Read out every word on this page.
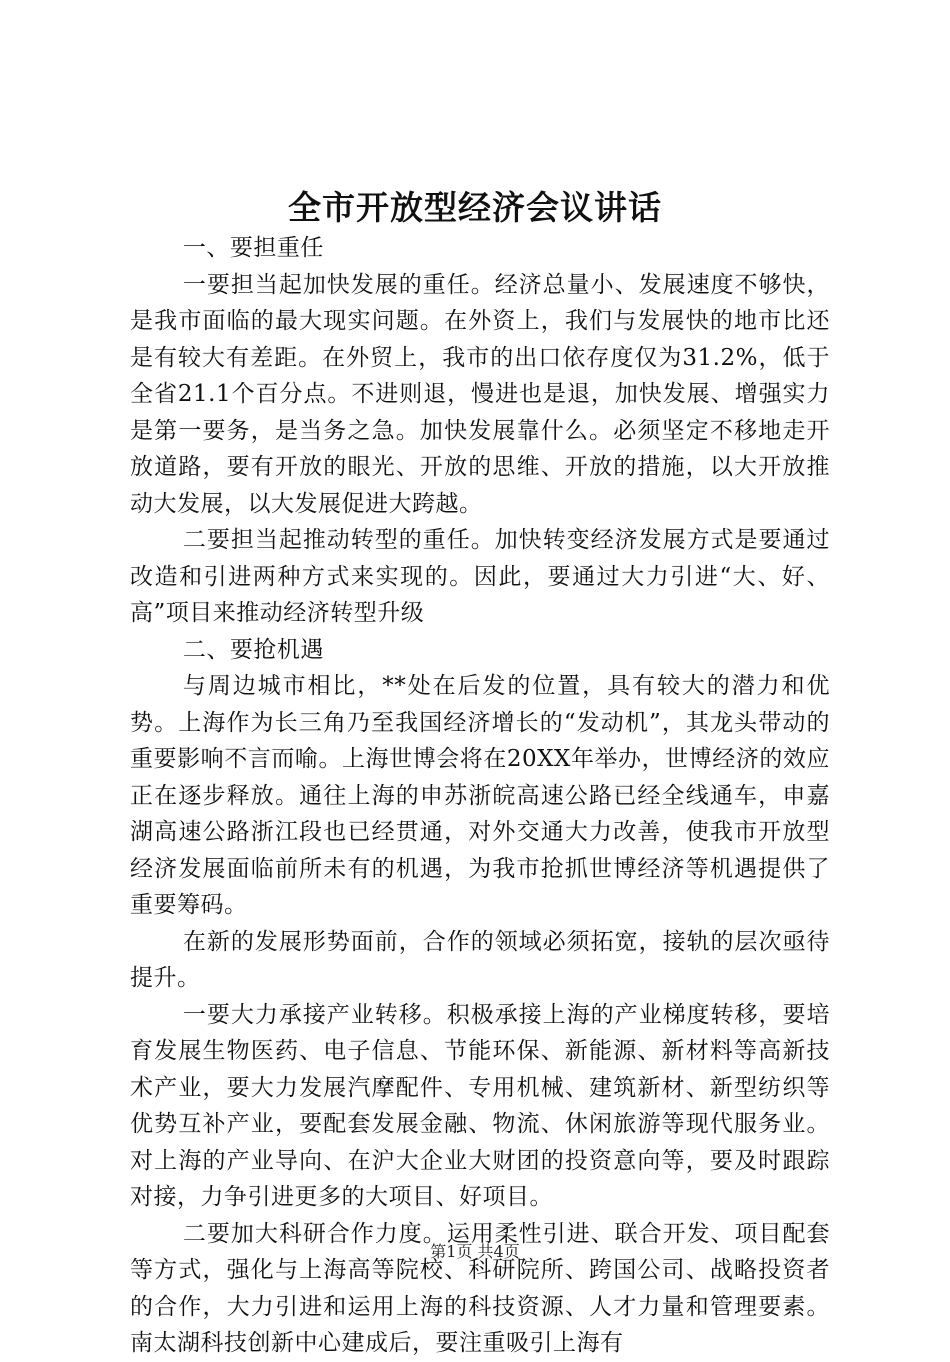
全市开放型经济会议讲话

一、要担重任

一要担当起加快发展的重任。经济总量小、发展速度不够快，是我市面临的最大现实问题。在外资上，我们与发展快的地市比还是有较大有差距。在外贸上，我市的出口依存度仅为31.2%，低于全省21.1个百分点。不进则退，慢进也是退，加快发展、增强实力是第一要务，是当务之急。加快发展靠什么。必须坚定不移地走开放道路，要有开放的眼光、开放的思维、开放的措施，以大开放推动大发展，以大发展促进大跨越。

二要担当起推动转型的重任。加快转变经济发展方式是要通过改造和引进两种方式来实现的。因此，要通过大力引进“大、好、高”项目来推动经济转型升级

二、要抢机遇

与周边城市相比，**处在后发的位置，具有较大的潜力和优势。上海作为长三角乃至我国经济增长的“发动机”，其龙头带动的重要影响不言而喻。上海世博会将在20XX年举办，世博经济的效应正在逐步释放。通往上海的申苏浙皖高速公路已经全线通车，申嘉湖高速公路浙江段也已经贯通，对外交通大力改善，使我市开放型经济发展面临前所未有的机遇，为我市抢抓世博经济等机遇提供了重要筹码。

在新的发展形势面前，合作的领域必须拓宽，接轨的层次亟待提升。

一要大力承接产业转移。积极承接上海的产业梯度转移，要培育发展生物医药、电子信息、节能环保、新能源、新材料等高新技术产业，要大力发展汽摩配件、专用机械、建筑新材、新型纺织等优势互补产业，要配套发展金融、物流、休闲旅游等现代服务业。对上海的产业导向、在沪大企业大财团的投资意向等，要及时跟踪对接，力争引进更多的大项目、好项目。

二要加大科研合作力度。运用柔性引进、联合开发、项目配套等方式，强化与上海高等院校、科研院所、跨国公司、战略投资者的合作，大力引进和运用上海的科技资源、人才力量和管理要素。南太湖科技创新中心建成后，要注重吸引上海有

第1页 共4页
